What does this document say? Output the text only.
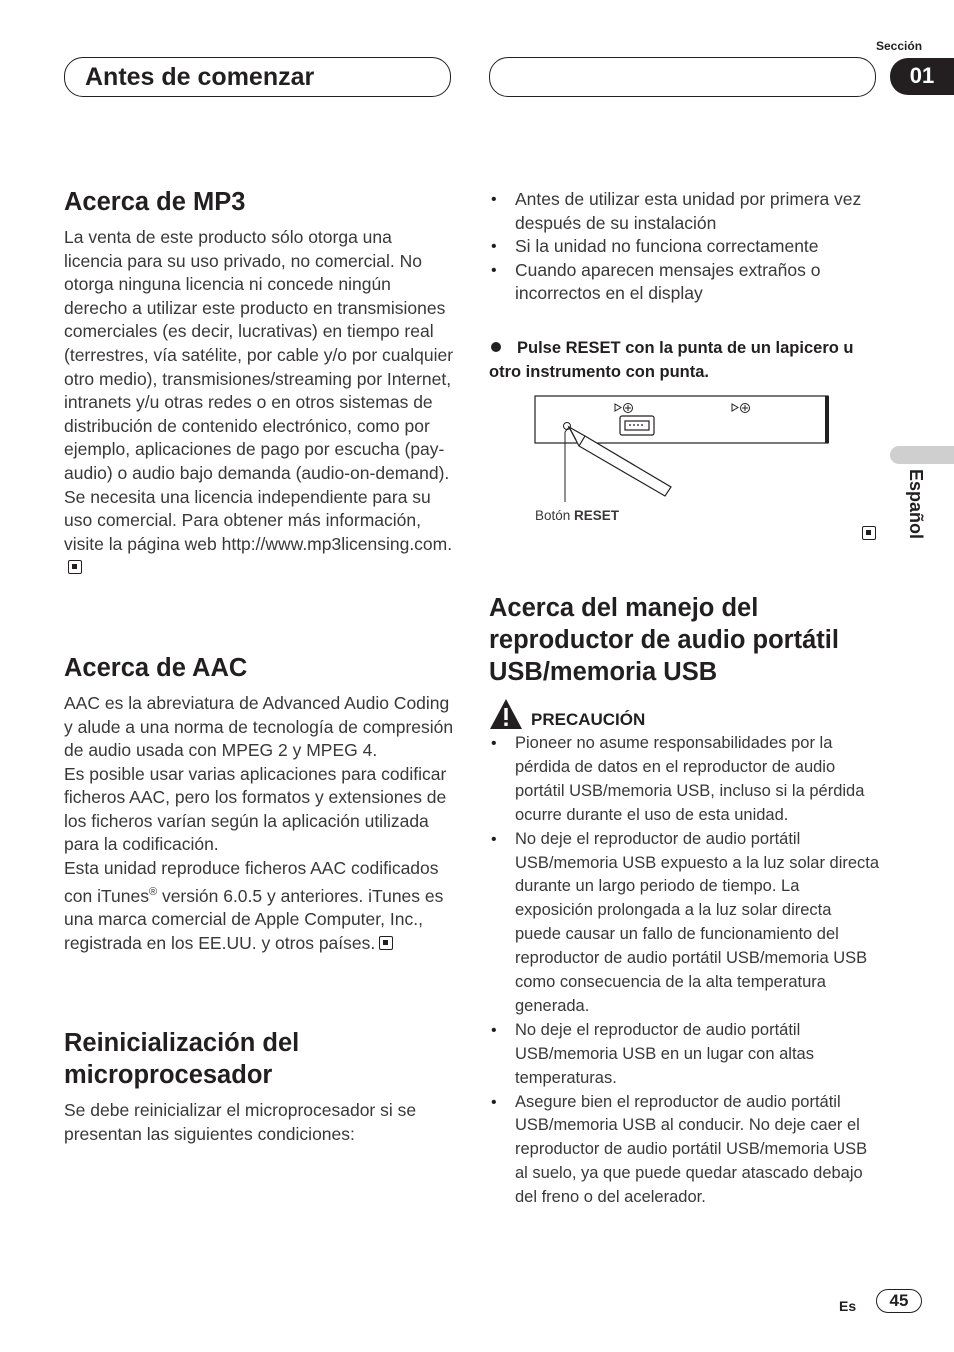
Antes de comenzar
Sección
01
Español
Acerca de MP3

La venta de este producto sólo otorga una licencia para su uso privado, no comercial. No otorga ninguna licencia ni concede ningún derecho a utilizar este producto en transmisiones comerciales (es decir, lucrativas) en tiempo real (terrestres, vía satélite, por cable y/o por cualquier otro medio), transmisiones/streaming por Internet, intranets y/u otras redes o en otros sistemas de distribución de contenido electrónico, como por ejemplo, aplicaciones de pago por escucha (pay-audio) o audio bajo demanda (audio-on-demand). Se necesita una licencia independiente para su uso comercial. Para obtener más información, visite la página web http://www.mp3licensing.com.

Acerca de AAC

AAC es la abreviatura de Advanced Audio Coding y alude a una norma de tecnología de compresión de audio usada con MPEG 2 y MPEG 4.

Es posible usar varias aplicaciones para codificar ficheros AAC, pero los formatos y extensiones de los ficheros varían según la aplicación utilizada para la codificación.

Esta unidad reproduce ficheros AAC codificados con iTunes® versión 6.0.5 y anteriores. iTunes es una marca comercial de Apple Computer, Inc., registrada en los EE.UU. y otros países.

Reinicialización del microprocesador
Se debe reinicializar el microprocesador si se presentan las siguientes condiciones:
• Antes de utilizar esta unidad por primera vez después de su instalación
• Si la unidad no funciona correctamente
• Cuando aparecen mensajes extraños o incorrectos en el display
Pulse RESET con la punta de un lapicero u otro instrumento con punta.
Botón RESET
Acerca del manejo del reproductor de audio portátil USB/memoria USB
PRECAUCIÓN
• Pioneer no asume responsabilidades por la pérdida de datos en el reproductor de audio portátil USB/memoria USB, incluso si la pérdida ocurre durante el uso de esta unidad.
• No deje el reproductor de audio portátil USB/memoria USB expuesto a la luz solar directa durante un largo periodo de tiempo. La exposición prolongada a la luz solar directa puede causar un fallo de funcionamiento del reproductor de audio portátil USB/memoria USB como consecuencia de la alta temperatura generada.
• No deje el reproductor de audio portátil USB/memoria USB en un lugar con altas temperaturas.
• Asegure bien el reproductor de audio portátil USB/memoria USB al conducir. No deje caer el reproductor de audio portátil USB/memoria USB al suelo, ya que puede quedar atascado debajo del freno o del acelerador.
Es	45
